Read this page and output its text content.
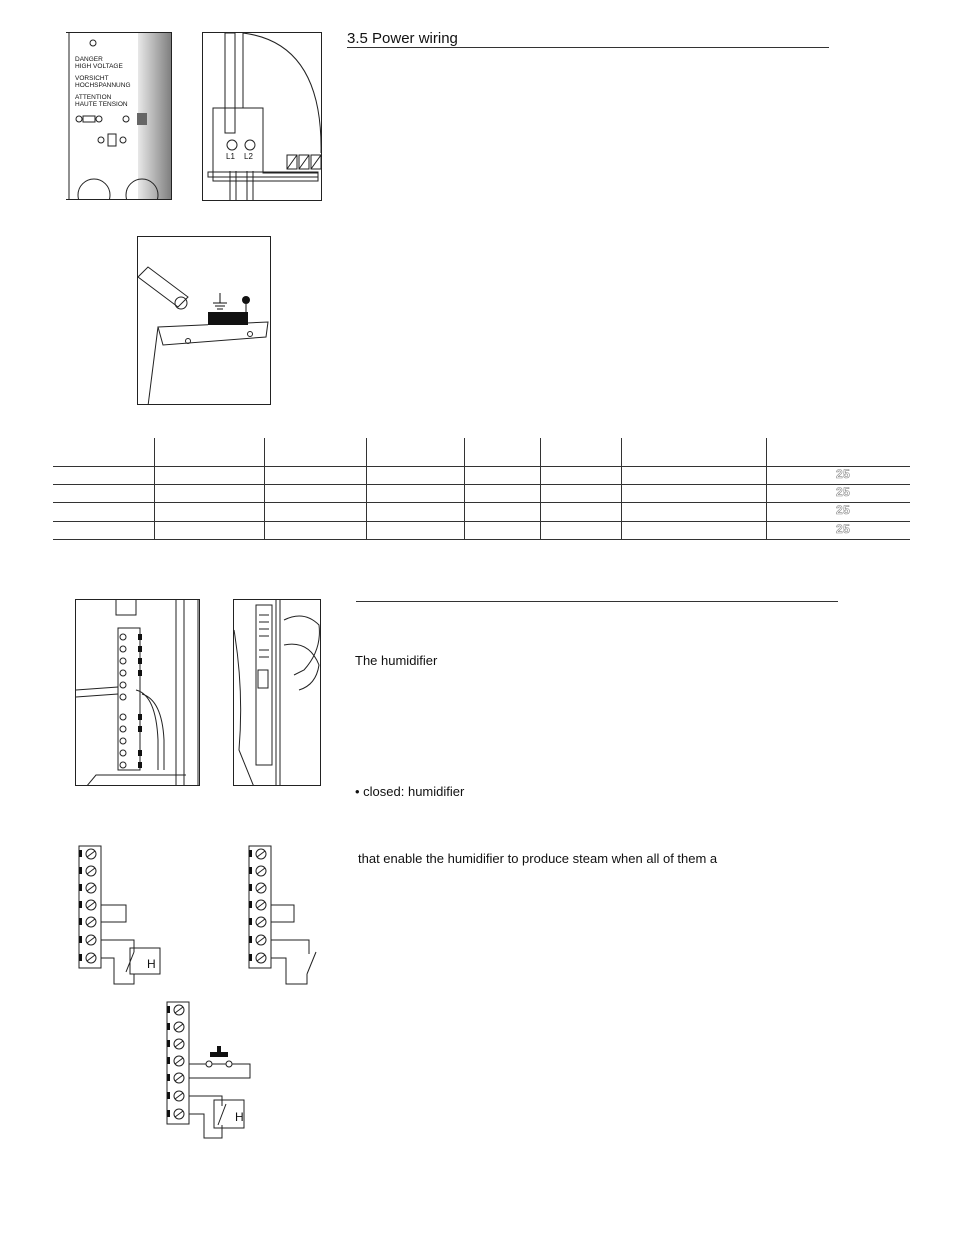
3.5 Power wiring
DANGER
HIGH VOLTAGE
VORSICHT
HOCHSPANNUNG
ATTENTION
HAUTE TENSION
L1 L2
25
25
25
25
The humidifier
• closed: humidifier
that enable the humidifier to produce steam when all of them a
H
H
